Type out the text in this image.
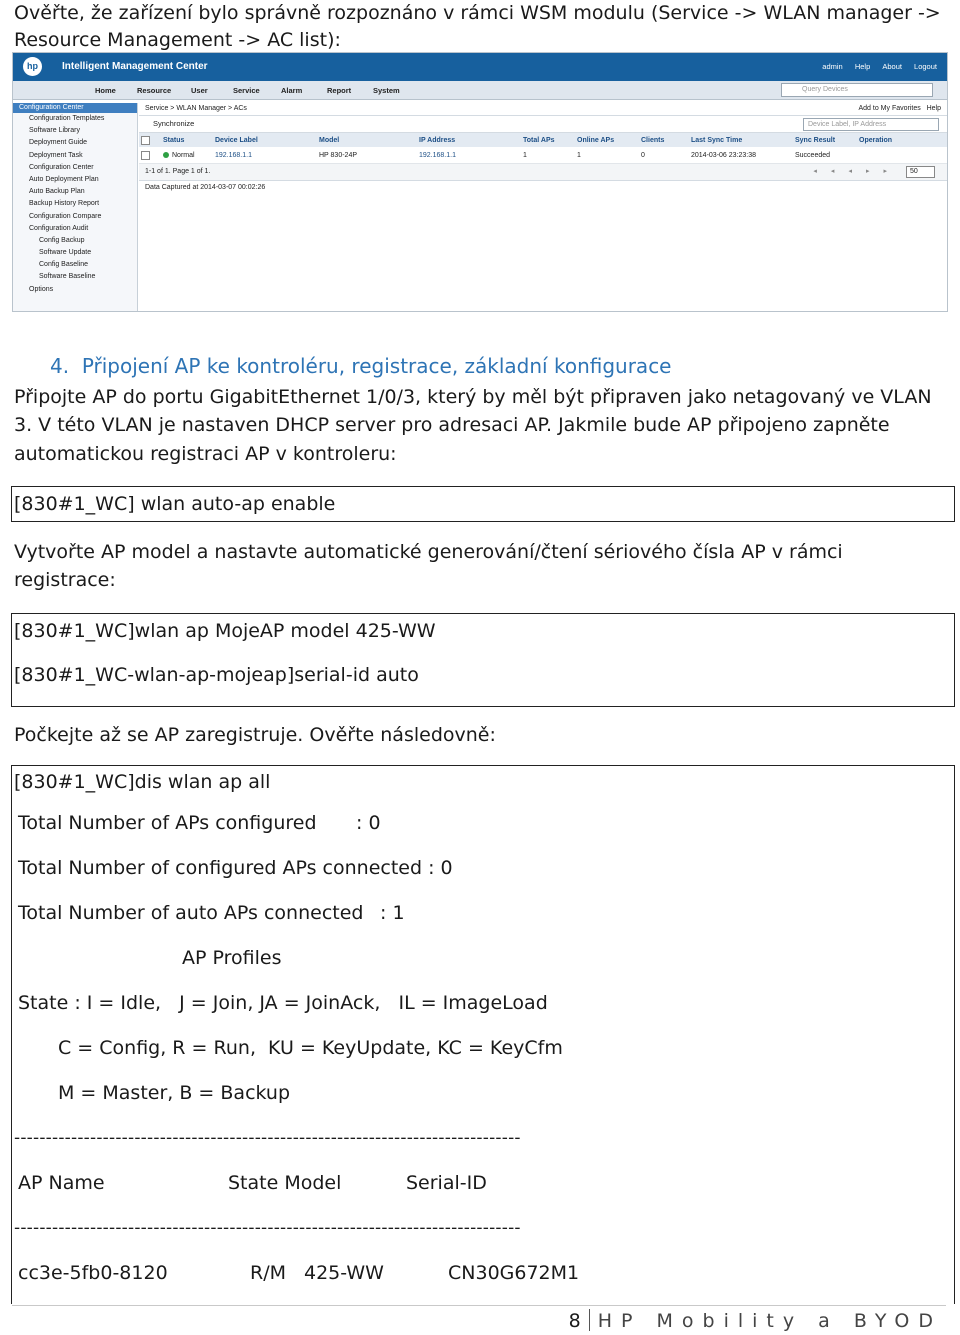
Ověřte, že zařízení bylo správně rozpoznáno v rámci WSM modulu (Service -> WLAN manager -> Resource Management -> AC list):
hp	Intelligent Management Center	admin Help About Logout
Home	Resource	User	Service	Alarm	Report	System	Query Devices
Configuration Center
Configuration Templates
Software Library
Deployment Guide
Deployment Task
Configuration Center
Auto Deployment Plan
Auto Backup Plan
Backup History Report
Configuration Compare
Configuration Audit
Config Backup
Software Update
Config Baseline
Software Baseline
Options
Service > WLAN Manager > ACs	Add to My Favorites Help
Synchronize	Device Label, IP Address
	Status	Device Label	Model	IP Address	Total APs	Online APs	Clients	Last Sync Time	Sync Result	Operation
	Normal	192.168.1.1	HP 830-24P	192.168.1.1	1	1	0	2014-03-06 23:23:38	Succeeded	
1-1 of 1. Page 1 of 1.	◂◂◂▸▸	50
Data Captured at 2014-03-07 00:02:26

4. Připojení AP ke kontroléru, registrace, základní konfigurace

Připojte AP do portu GigabitEthernet 1/0/3, který by měl být připraven jako netagovaný ve VLAN 3. V této VLAN je nastaven DHCP server pro adresaci AP. Jakmile bude AP připojeno zapněte automatickou registraci AP v kontroleru:

[830#1_WC] wlan auto-ap enable

Vytvořte AP model a nastavte automatické generování/čtení sériového čísla AP v rámci registrace:

[830#1_WC]wlan ap MojeAP model 425-WW
[830#1_WC-wlan-ap-mojeap]serial-id auto

Počkejte až se AP zaregistruje. Ověřte následovně:

[830#1_WC]dis wlan ap all
Total Number of APs configured : 0
Total Number of configured APs connected : 0
Total Number of auto APs connected : 1
AP Profiles
State : I = Idle,   J = Join, JA = JoinAck,   IL = ImageLoad
C = Config, R = Run,  KU = KeyUpdate, KC = KeyCfm
M = Master, B = Backup
--------------------------------------------------------------------------------
AP Name	State Model	Serial-ID
--------------------------------------------------------------------------------
cc3e-5fb0-8120	R/M 425-WW	CN30G672M1
8 HP Mobility a BYOD
